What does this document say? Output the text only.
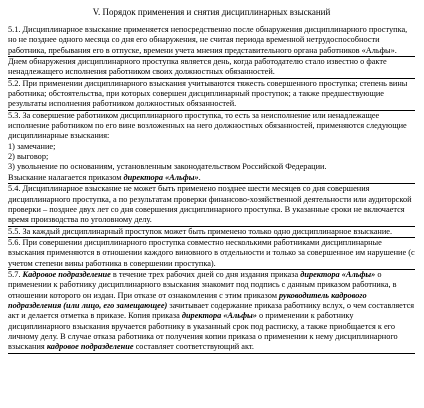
V. Порядок применения и снятия дисциплинарных взысканий

5.1. Дисциплинарное взыскание применяется непосредственно после обнаружения дисциплинарного проступка, но не позднее одного месяца со дня его обнаружения, не считая периода временной нетрудоспособности работника, пребывания его в отпуске, времени учета мнения представительного органа работников «Альфы».

Днем обнаружения дисциплинарного проступка является день, когда работодателю стало известно о факте ненадлежащего исполнения работником своих должностных обязанностей.

5.2. При применении дисциплинарного взыскания учитываются тяжесть совершенного проступка; степень вины работника; обстоятельства, при которых совершен дисциплинарный проступок; а также предшествующие результаты исполнения работником должностных обязанностей.

5.3. За совершение работником дисциплинарного проступка, то есть за неисполнение или ненадлежащее исполнение работником по его вине возложенных на него должностных обязанностей, применяются следующие дисциплинарные взыскания:

1) замечание;

2) выговор;

3) увольнение по основаниям, установленным законодательством Российской Федерации.

Взыскание налагается приказом директора «Альфы».

5.4. Дисциплинарное взыскание не может быть применено позднее шести месяцев со дня совершения дисциплинарного проступка, а по результатам проверки финансово-хозяйственной деятельности или аудиторской проверки – позднее двух лет со дня совершения дисциплинарного проступка. В указанные сроки не включается время производства по уголовному делу.

5.5. За каждый дисциплинарный проступок может быть применено только одно дисциплинарное взыскание.

5.6. При совершении дисциплинарного проступка совместно несколькими работниками дисциплинарные взыскания применяются в отношении каждого виновного в отдельности и только за совершенное им нарушение (с учетом степени вины работника в совершении проступка).

5.7. Кадровое подразделение в течение трех рабочих дней со дня издания приказа директора «Альфы» о применении к работнику дисциплинарного взыскания знакомит под подпись с данным приказом работника, в отношении которого он издан. При отказе от ознакомления с этим приказом руководитель кадрового подразделения (или лицо, его замещающее) зачитывает содержание приказа работнику вслух, о чем составляется акт и делается отметка в приказе. Копия приказа директора «Альфы» о применении к работнику дисциплинарного взыскания вручается работнику в указанный срок под расписку, а также приобщается к его личному делу. В случае отказа работника от получения копии приказа о применении к нему дисциплинарного взыскания кадровое подразделение составляет соответствующий акт.
